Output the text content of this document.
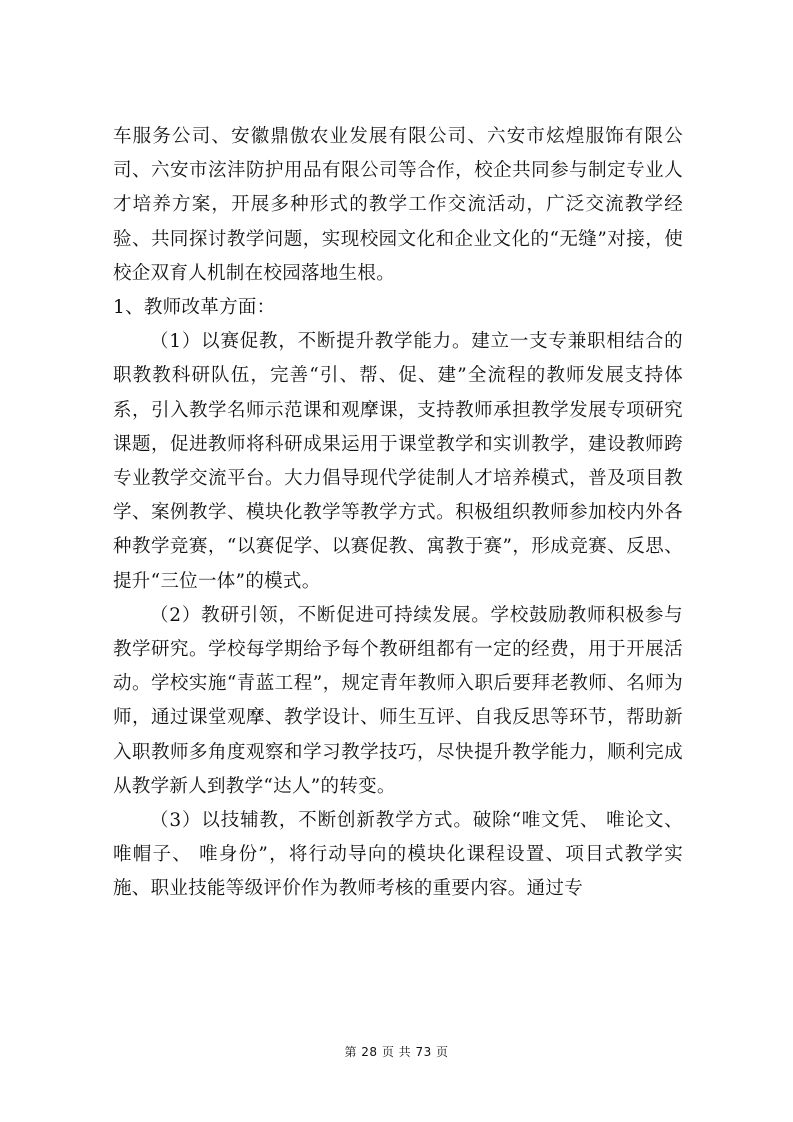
车服务公司、安徽鼎傲农业发展有限公司、六安市炫煌服饰有限公司、六安市泫沣防护用品有限公司等合作，校企共同参与制定专业人才培养方案，开展多种形式的教学工作交流活动，广泛交流教学经验、共同探讨教学问题，实现校园文化和企业文化的“无缝”对接，使校企双育人机制在校园落地生根。

1、教师改革方面：

（1）以赛促教，不断提升教学能力。建立一支专兼职相结合的职教教科研队伍，完善“引、帮、促、建”全流程的教师发展支持体系，引入教学名师示范课和观摩课，支持教师承担教学发展专项研究课题，促进教师将科研成果运用于课堂教学和实训教学，建设教师跨专业教学交流平台。大力倡导现代学徒制人才培养模式，普及项目教学、案例教学、模块化教学等教学方式。积极组织教师参加校内外各种教学竞赛，“以赛促学、以赛促教、寓教于赛”，形成竞赛、反思、提升“三位一体”的模式。

（2）教研引领，不断促进可持续发展。学校鼓励教师积极参与教学研究。学校每学期给予每个教研组都有一定的经费，用于开展活动。学校实施“青蓝工程”，规定青年教师入职后要拜老教师、名师为师，通过课堂观摩、教学设计、师生互评、自我反思等环节，帮助新入职教师多角度观察和学习教学技巧，尽快提升教学能力，顺利完成从教学新人到教学“达人”的转变。

（3）以技辅教，不断创新教学方式。破除“唯文凭、 唯论文、唯帽子、 唯身份”，将行动导向的模块化课程设置、项目式教学实施、职业技能等级评价作为教师考核的重要内容。通过专

第 28 页 共 73 页
